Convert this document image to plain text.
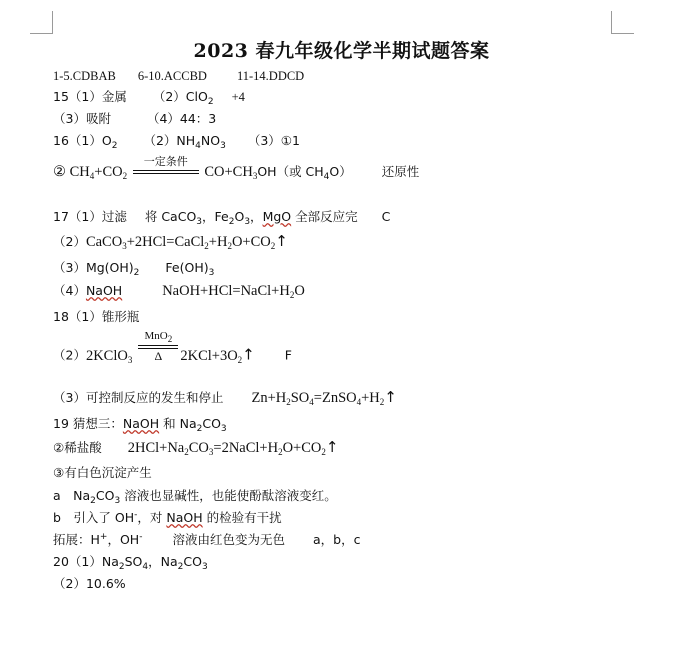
2023 春九年级化学半期试题答案
1-5.CDBAB 6-10.ACCBD 11-14.DDCD
15（1）金属 （2）ClO$_2$ +4
（3）吸附	（4）44：3
$16(1)O_2$ $(2)NH_4NO_3$ （3）①1
② $CH_4+CO_2$
一定条件
$CO+CH_3OH$（或 $CH_4O$） 还原性
17（1）过滤 将 CaCO$_3$，$Fe_2O_3$，MgO 全部反应完 C
$(2)CaCO_3+2HCl=CaCl_2+H_2O+CO_2↑$
$(3)Mg(OH)_2$ $Fe(OH)_3$
（4）NaOH	$NaOH+HCl=NaCl+H_2O$
18（1）锥形瓶
（2）2KClO$_3$
MnO$_2$
Δ	$2KCl+3O_2↑$ F
（3）可控制反应的发生和停止 $Zn+H_2SO_4=ZnSO_4+H_2↑$
19 猜想三：NaOH 和 $Na_2CO_3$
②稀盐酸 $2HCl+Na_2CO_3=2NaCl+H_2O+CO_2↑$
③有白色沉淀产生
a　$Na_2CO_3$ 溶液也显碱性，也能使酚酞溶液变红。
b　引入了 OH-，对 NaOH 的检验有干扰
拓展：H+，OH- 溶液由红色变为无色 a，b，c
$20(1)Na_2SO_4$，$Na_2CO_3$
（2）10.6%
